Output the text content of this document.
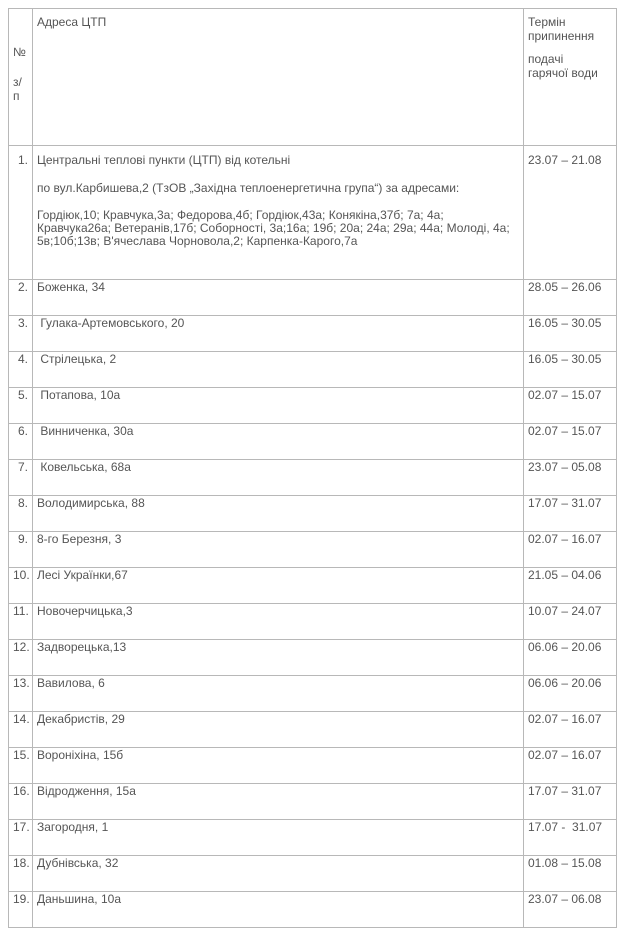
№
з/п	Адреса ЦТП	Термін
припинення
подачі
гарячої води

1.	Центральні теплові пункти (ЦТП) від котельні
по вул.Карбишева,2 (ТзОВ „Західна теплоенергетична група“) за адресами:
Гордіюк,10; Кравчука,3а; Федорова,4б; Гордіюк,43а; Конякіна,37б; 7а; 4а; Кравчука26а; Ветеранів,17б; Соборності, 3а;16а; 19б; 20а; 24а; 29а; 44а; Молоді, 4а; 5в;10б;13в; В'ячеслава Чорновола,2; Карпенка-Карого,7а	23.07 – 21.08
2.	Боженка, 34	28.05 – 26.06
3.	Гулака-Артемовського, 20	16.05 – 30.05
4.	Стрілецька, 2	16.05 – 30.05
5.	Потапова, 10а	02.07 – 15.07
6.	Винниченка, 30а	02.07 – 15.07
7.	Ковельська, 68а	23.07 – 05.08
8.	Володимирська, 88	17.07 – 31.07
9.	8-го Березня, 3	02.07 – 16.07
10.	Лесі Українки,67	21.05 – 04.06
11.	Новочерчицька,3	10.07 – 24.07
12.	Задворецька,13	06.06 – 20.06
13.	Вавилова, 6	06.06 – 20.06
14.	Декабристів, 29	02.07 – 16.07
15.	Вороніхіна, 15б	02.07 – 16.07
16.	Відродження, 15а	17.07 – 31.07
17.	Загородня, 1	17.07 -  31.07
18.	Дубнівська, 32	01.08 – 15.08
19.	Даньшина, 10а	23.07 – 06.08
